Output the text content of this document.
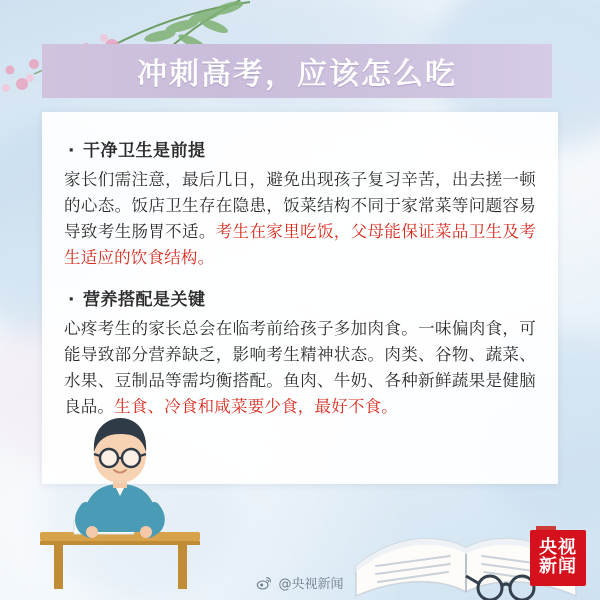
冲刺高考，应该怎么吃
· 干净卫生是前提

家长们需注意，最后几日，避免出现孩子复习辛苦，出去搓一顿的心态。饭店卫生存在隐患，饭菜结构不同于家常菜等问题容易导致考生肠胃不适。考生在家里吃饭，父母能保证菜品卫生及考生适应的饮食结构。

· 营养搭配是关键

心疼考生的家长总会在临考前给孩子多加肉食。一味偏肉食，可能导致部分营养缺乏，影响考生精神状态。肉类、谷物、蔬菜、水果、豆制品等需均衡搭配。鱼肉、牛奶、各种新鲜蔬果是健脑良品。生食、冷食和咸菜要少食，最好不食。

央视
新闻
@央视新闻
